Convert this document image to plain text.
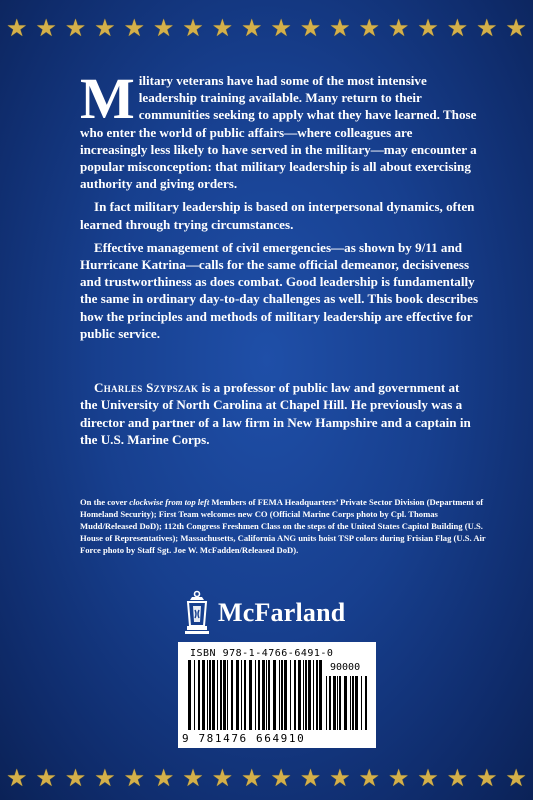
★ ★ ★ ★ ★ ★ ★ ★ ★ ★ ★ ★ ★ ★ ★ ★ ★ ★

Military veterans have had some of the most intensive leadership training available. Many return to their communities seeking to apply what they have learned. Those who enter the world of public affairs—where colleagues are increasingly less likely to have served in the military—may encounter a popular misconception: that military leadership is all about exercising authority and giving orders.

In fact military leadership is based on interpersonal dynamics, often learned through trying circumstances.

Effective management of civil emergencies—as shown by 9/11 and Hurricane Katrina—calls for the same official demeanor, decisiveness and trustworthiness as does combat. Good leadership is fundamentally the same in ordinary day-to-day challenges as well. This book describes how the principles and methods of military leadership are effective for public service.

Charles Szypszak is a professor of public law and government at the University of North Carolina at Chapel Hill. He previously was a director and partner of a law firm in New Hampshire and a captain in the U.S. Marine Corps.

On the cover clockwise from top left Members of FEMA Headquarters’ Private Sector Division (Department of Homeland Security); First Team welcomes new CO (Official Marine Corps photo by Cpl. Thomas Mudd/Released DoD); 112th Congress Freshmen Class on the steps of the United States Capitol Building (U.S. House of Representatives); Massachusetts, California ANG units hoist TSP colors during Frisian Flag (U.S. Air Force photo by Staff Sgt. Joe W. McFadden/Released DoD).

McFarland
ISBN 978-1-4766-6491-0
90000
9 781476 664910
★ ★ ★ ★ ★ ★ ★ ★ ★ ★ ★ ★ ★ ★ ★ ★ ★ ★
